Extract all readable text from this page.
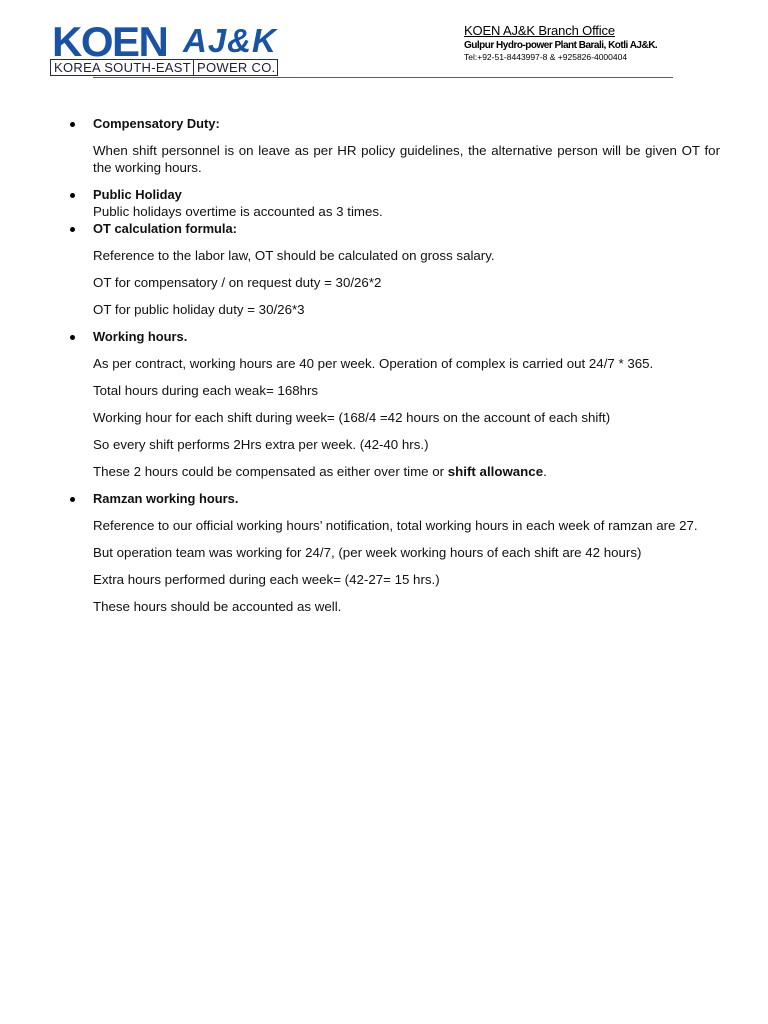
KOEN AJ&K
KOREA SOUTH-EAST POWER CO.
KOEN AJ&K Branch Office
Gulpur Hydro-power Plant Barali, Kotli AJ&K.
Tel:+92-51-8443997-8 & +925826-4000404

Compensatory Duty:

When shift personnel is on leave as per HR policy guidelines, the alternative person will be given OT for the working hours.

Public Holiday

Public holidays overtime is accounted as 3 times.

OT calculation formula:

Reference to the labor law, OT should be calculated on gross salary.

OT for compensatory / on request duty = 30/26*2

OT for public holiday duty = 30/26*3

Working hours.

As per contract, working hours are 40 per week. Operation of complex is carried out 24/7 * 365.

Total hours during each weak= 168hrs

Working hour for each shift during week= (168/4 =42 hours on the account of each shift)

So every shift performs 2Hrs extra per week. (42-40 hrs.)

These 2 hours could be compensated as either over time or shift allowance.

Ramzan working hours.

Reference to our official working hours’ notification, total working hours in each week of ramzan are 27.

But operation team was working for 24/7, (per week working hours of each shift are 42 hours)

Extra hours performed during each week= (42-27= 15 hrs.)

These hours should be accounted as well.
